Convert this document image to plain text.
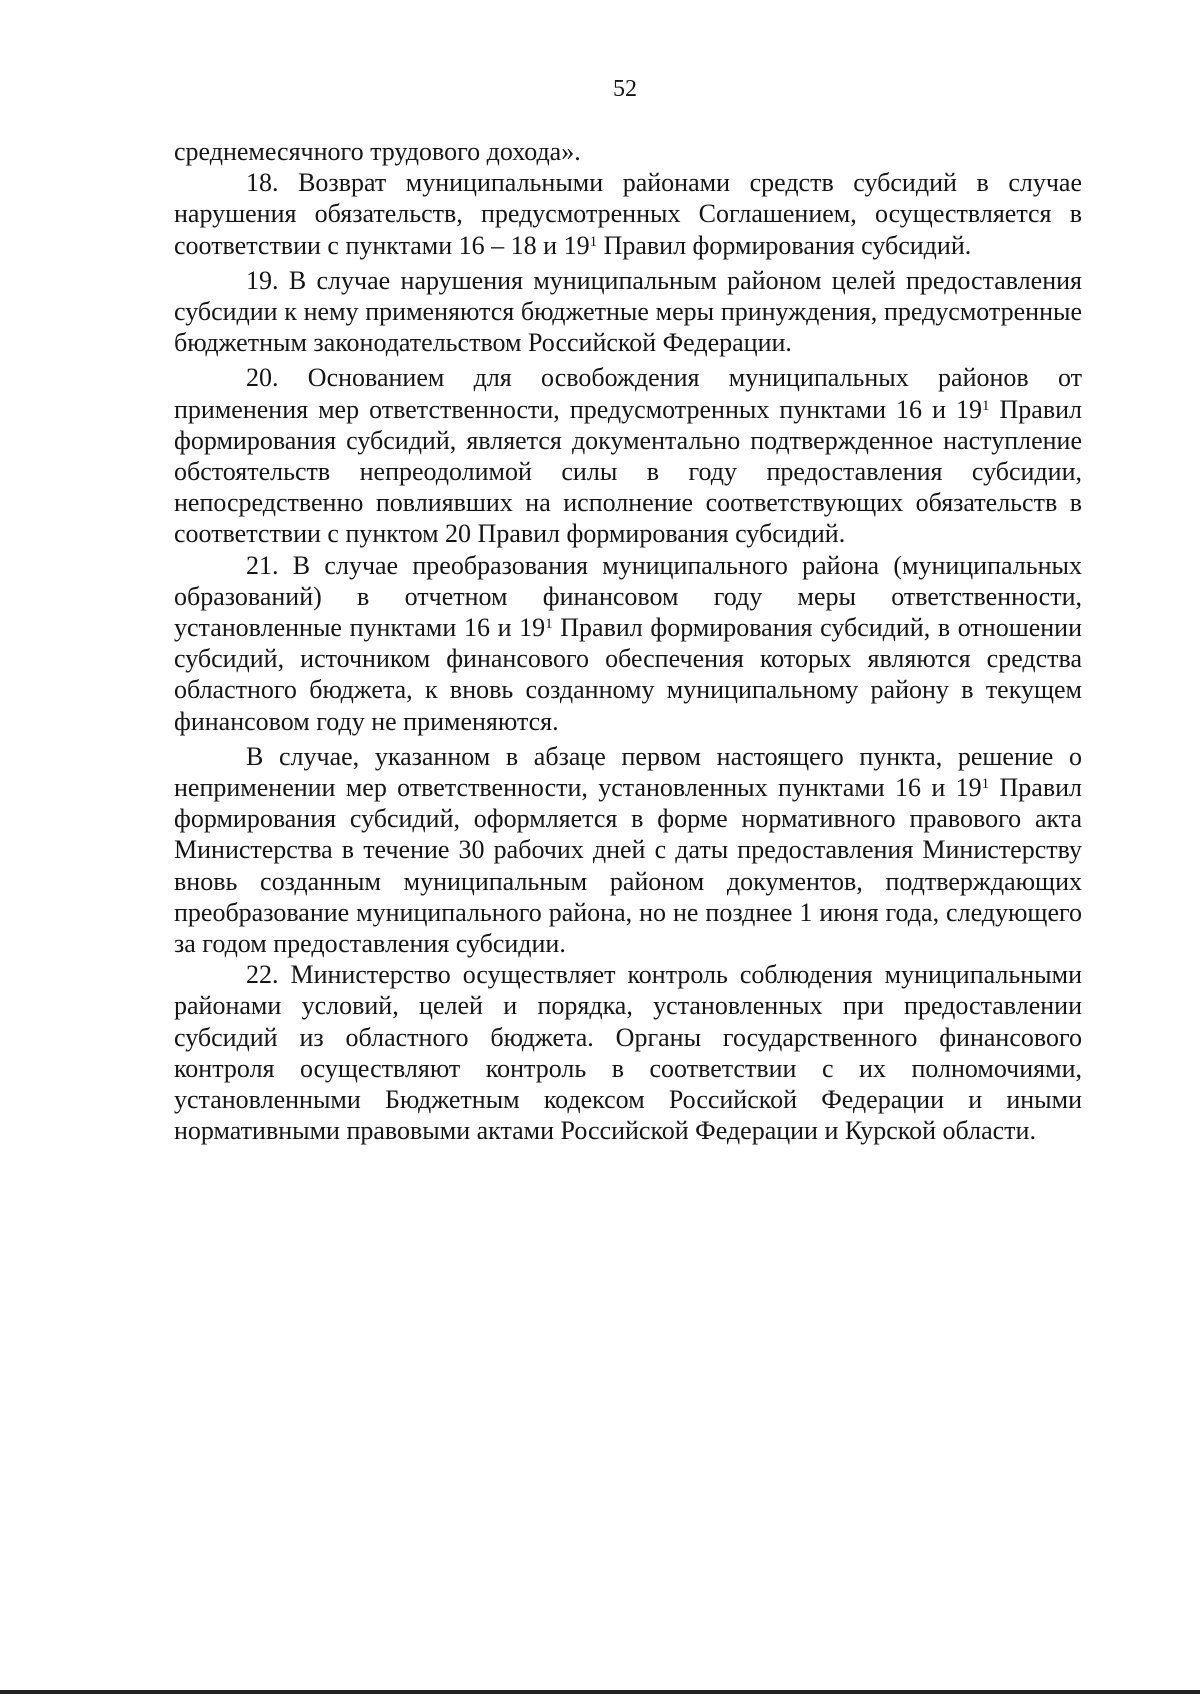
52

среднемесячного трудового дохода».

18. Возврат муниципальными районами средств субсидий в случае нарушения обязательств, предусмотренных Соглашением, осуществляется в соответствии с пунктами 16 – 18 и $19^1$ Правил формирования субсидий.

19. В случае нарушения муниципальным районом целей предоставления субсидии к нему применяются бюджетные меры принуждения, предусмотренные бюджетным законодательством Российской Федерации.

20. Основанием для освобождения муниципальных районов от применения мер ответственности, предусмотренных пунктами 16 и $19^1$ Правил формирования субсидий, является документально подтвержденное наступление обстоятельств непреодолимой силы в году предоставления субсидии, непосредственно повлиявших на исполнение соответствующих обязательств в соответствии с пунктом 20 Правил формирования субсидий.

21. В случае преобразования муниципального района (муниципальных образований) в отчетном финансовом году меры ответственности, установленные пунктами 16 и $19^1$ Правил формирования субсидий, в отношении субсидий, источником финансового обеспечения которых являются средства областного бюджета, к вновь созданному муниципальному району в текущем финансовом году не применяются.

В случае, указанном в абзаце первом настоящего пункта, решение о неприменении мер ответственности, установленных пунктами 16 и $19^1$ Правил формирования субсидий, оформляется в форме нормативного правового акта Министерства в течение 30 рабочих дней с даты предоставления Министерству вновь созданным муниципальным районом документов, подтверждающих преобразование муниципального района, но не позднее 1 июня года, следующего за годом предоставления субсидии.

22. Министерство осуществляет контроль соблюдения муниципальными районами условий, целей и порядка, установленных при предоставлении субсидий из областного бюджета. Органы государственного финансового контроля осуществляют контроль в соответствии с их полномочиями, установленными Бюджетным кодексом Российской Федерации и иными нормативными правовыми актами Российской Федерации и Курской области.
